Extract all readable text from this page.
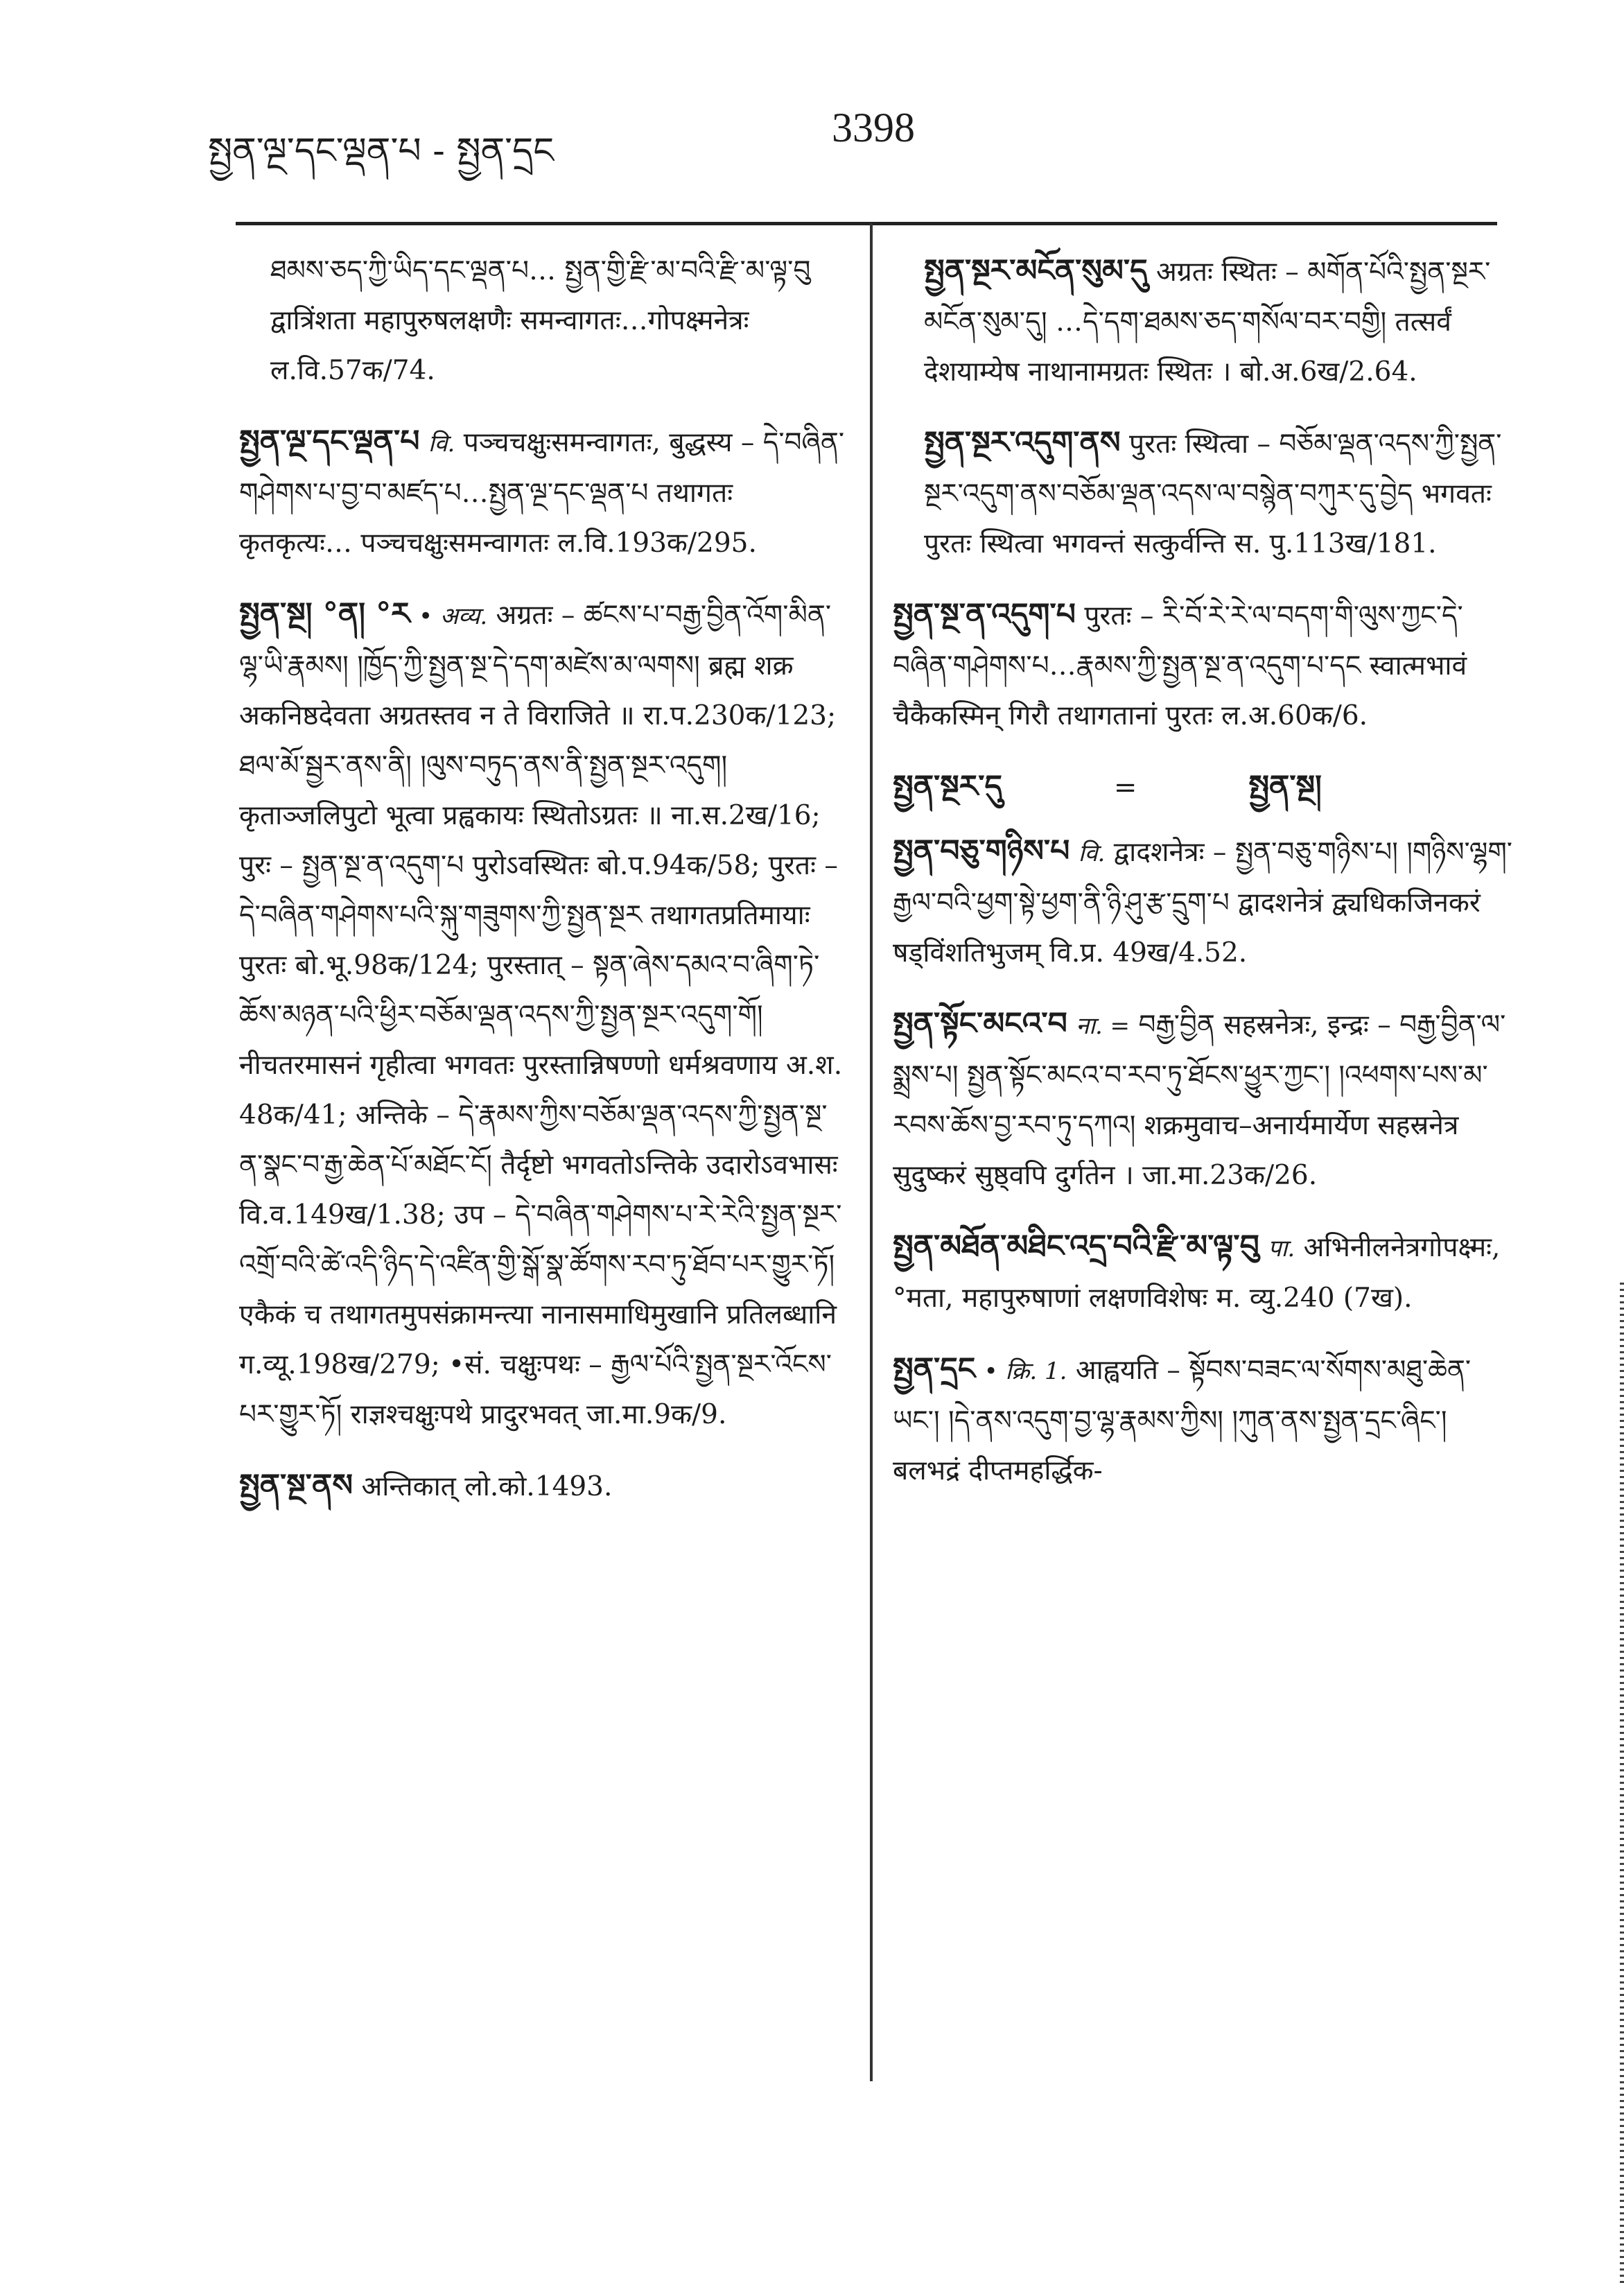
སྤྱན་ལྔ་དང་ལྡན་པ - སྤྱན་དྲང
3398

ཐམས་ཅད་ཀྱི་ཡིད་དང་ལྡན་པ… སྤྱན་གྱི་རྫི་མ་བའི་རྫི་མ་ལྟ་བུ द्वात्रिंशता महापुरुषलक्षणैः समन्वागतः…गोपक्ष्मनेत्रः ल.वि.57क/74.

སྤྱན་ལྔ་དང་ལྡན་པ वि. पञ्चचक्षुःसमन्वागतः, बुद्धस्य – དེ་བཞིན་གཤེགས་པ་བྱ་བ་མཛད་པ…སྤྱན་ལྔ་དང་ལྡན་པ तथागतः कृतकृत्यः… पञ्चचक्षुःसमन्वागतः ल.वि.193क/295.

སྤྱན་སྔ། °ན། °ར • अव्य. अग्रतः – ཚངས་པ་བརྒྱ་བྱིན་འོག་མིན་ལྷ་ཡི་རྣམས། །ཁྱོད་ཀྱི་སྤྱན་སྔ་དེ་དག་མཛེས་མ་ལགས། ब्रह्म शक्र अकनिष्ठदेवता अग्रतस्तव न ते विराजिते ॥ रा.प.230क/123; ཐལ་མོ་སྦྱར་ནས་ནི། །ལུས་བཏུད་ནས་ནི་སྤྱན་སྔར་འདུག། कृताञ्जलिपुटो भूत्वा प्रह्वकायः स्थितोऽग्रतः ॥ ना.स.2ख/16; पुरः – སྤྱན་སྔ་ན་འདུག་པ पुरोऽवस्थितः बो.प.94क/58; पुरतः – དེ་བཞིན་གཤེགས་པའི་སྐུ་གཟུགས་ཀྱི་སྤྱན་སྔར तथागतप्रतिमायाः पुरतः बो.भू.98क/124; पुरस्तात् – སྟན་ཞེས་དམའ་བ་ཞིག་ཏེ་ཆོས་མཉན་པའི་ཕྱིར་བཅོམ་ལྡན་འདས་ཀྱི་སྤྱན་སྔར་འདུག་གོ། नीचतरमासनं गृहीत्वा भगवतः पुरस्तान्निषण्णो धर्मश्रवणाय अ.श. 48क/41; अन्तिके – དེ་རྣམས་ཀྱིས་བཅོམ་ལྡན་འདས་ཀྱི་སྤྱན་སྔ་ན་སྣང་བ་རྒྱ་ཆེན་པོ་མཐོང་ངོ། तैर्दृष्टो भगवतोऽन्तिके उदारोऽवभासः वि.व.149ख/1.38; उप – དེ་བཞིན་གཤེགས་པ་རེ་རེའི་སྤྱན་སྔར་འགྲོ་བའི་ཚེ་འདི་ཉིད་དེ་འཛིན་གྱི་སྒོ་སྣ་ཚོགས་རབ་ཏུ་ཐོབ་པར་གྱུར་ཏོ། एकैकं च तथागतमुपसंक्रामन्त्या नानासमाधिमुखानि प्रतिलब्धानि ग.व्यू.198ख/279; •सं. चक्षुःपथः – རྒྱལ་པོའི་སྤྱན་སྔར་འོངས་པར་གྱུར་ཏོ། राज्ञश्चक्षुःपथे प्रादुरभवत् जा.मा.9क/9.

སྤྱན་སྔ་ནས अन्तिकात् लो.को.1493.

སྤྱན་སྔར་མངོན་སུམ་དུ अग्रतः स्थितः – མགོན་པོའི་སྤྱན་སྔར་མངོན་སུམ་དུ། …དེ་དག་ཐམས་ཅད་གསོལ་བར་བགྱི། तत्सर्वं देशयाम्येष नाथानामग्रतः स्थितः । बो.अ.6ख/2.64.

སྤྱན་སྔར་འདུག་ནས पुरतः स्थित्वा – བཅོམ་ལྡན་འདས་ཀྱི་སྤྱན་སྔར་འདུག་ནས་བཅོམ་ལྡན་འདས་ལ་བསྙེན་བཀུར་དུ་བྱེད भगवतः पुरतः स्थित्वा भगवन्तं सत्कुर्वन्ति स. पु.113ख/181.

སྤྱན་སྔ་ན་འདུག་པ पुरतः – རི་བོ་རེ་རེ་ལ་བདག་གི་ལུས་ཀྱང་དེ་བཞིན་གཤེགས་པ…རྣམས་ཀྱི་སྤྱན་སྔ་ན་འདུག་པ་དང स्वात्मभावं चैकैकस्मिन् गिरौ तथागतानां पुरतः ल.अ.60क/6.

སྤྱན་སྔར་དུ	=	སྤྱན་སྔ།

སྤྱན་བཅུ་གཉིས་པ वि. द्वादशनेत्रः – སྤྱན་བཅུ་གཉིས་པ། །གཉིས་ལྷག་རྒྱལ་བའི་ཕྱག་སྟེ་ཕྱག་ནི་ཉི་ཤུ་རྩ་དྲུག་པ द्वादशनेत्रं द्व्यधिकजिनकरं षड्विंशतिभुजम् वि.प्र. 49ख/4.52.

སྤྱན་སྟོང་མངའ་བ ना. = བརྒྱ་བྱིན सहस्रनेत्रः, इन्द्रः – བརྒྱ་བྱིན་ལ་སྨྲས་པ། སྤྱན་སྟོང་མངའ་བ་རབ་ཏུ་ཐོངས་ཕྱུར་ཀྱང་། །འཕགས་པས་མ་རབས་ཆོས་བྱ་རབ་ཏུ་དཀའ། शक्रमुवाच–अनार्यमार्येण सहस्रनेत्र सुदुष्करं सुष्ठ्वपि दुर्गतेन । जा.मा.23क/26.

སྤྱན་མཐོན་མཐིང་འདྲ་བའི་རྫི་མ་ལྟ་བུ पा. अभिनीलनेत्रगोपक्ष्मः, °मता, महापुरुषाणां लक्षणविशेषः म. व्यु.240 (7ख).

སྤྱན་དྲང • क्रि. 1. आह्वयति – སྟོབས་བཟང་ལ་སོགས་མཐུ་ཆེན་ཡང་། །དེ་ནས་འདུག་བྱ་ལྷ་རྣམས་ཀྱིས། །ཀུན་ནས་སྤྱན་དྲང་ཞིང་། बलभद्रं दीप्तमहर्द्धिक-
